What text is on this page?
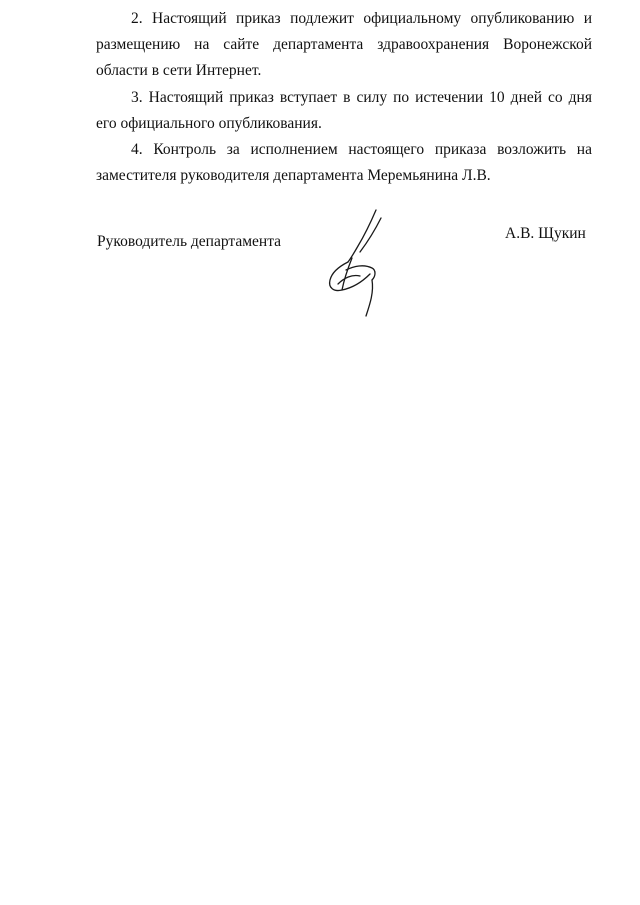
2. Настоящий приказ подлежит официальному опубликованию и размещению на сайте департамента здравоохранения Воронежской области в сети Интернет.

3. Настоящий приказ вступает в силу по истечении 10 дней со дня его официального опубликования.

4. Контроль за исполнением настоящего приказа возложить на заместителя руководителя департамента Меремьянина Л.В.

Руководитель департамента	А.В. Щукин
